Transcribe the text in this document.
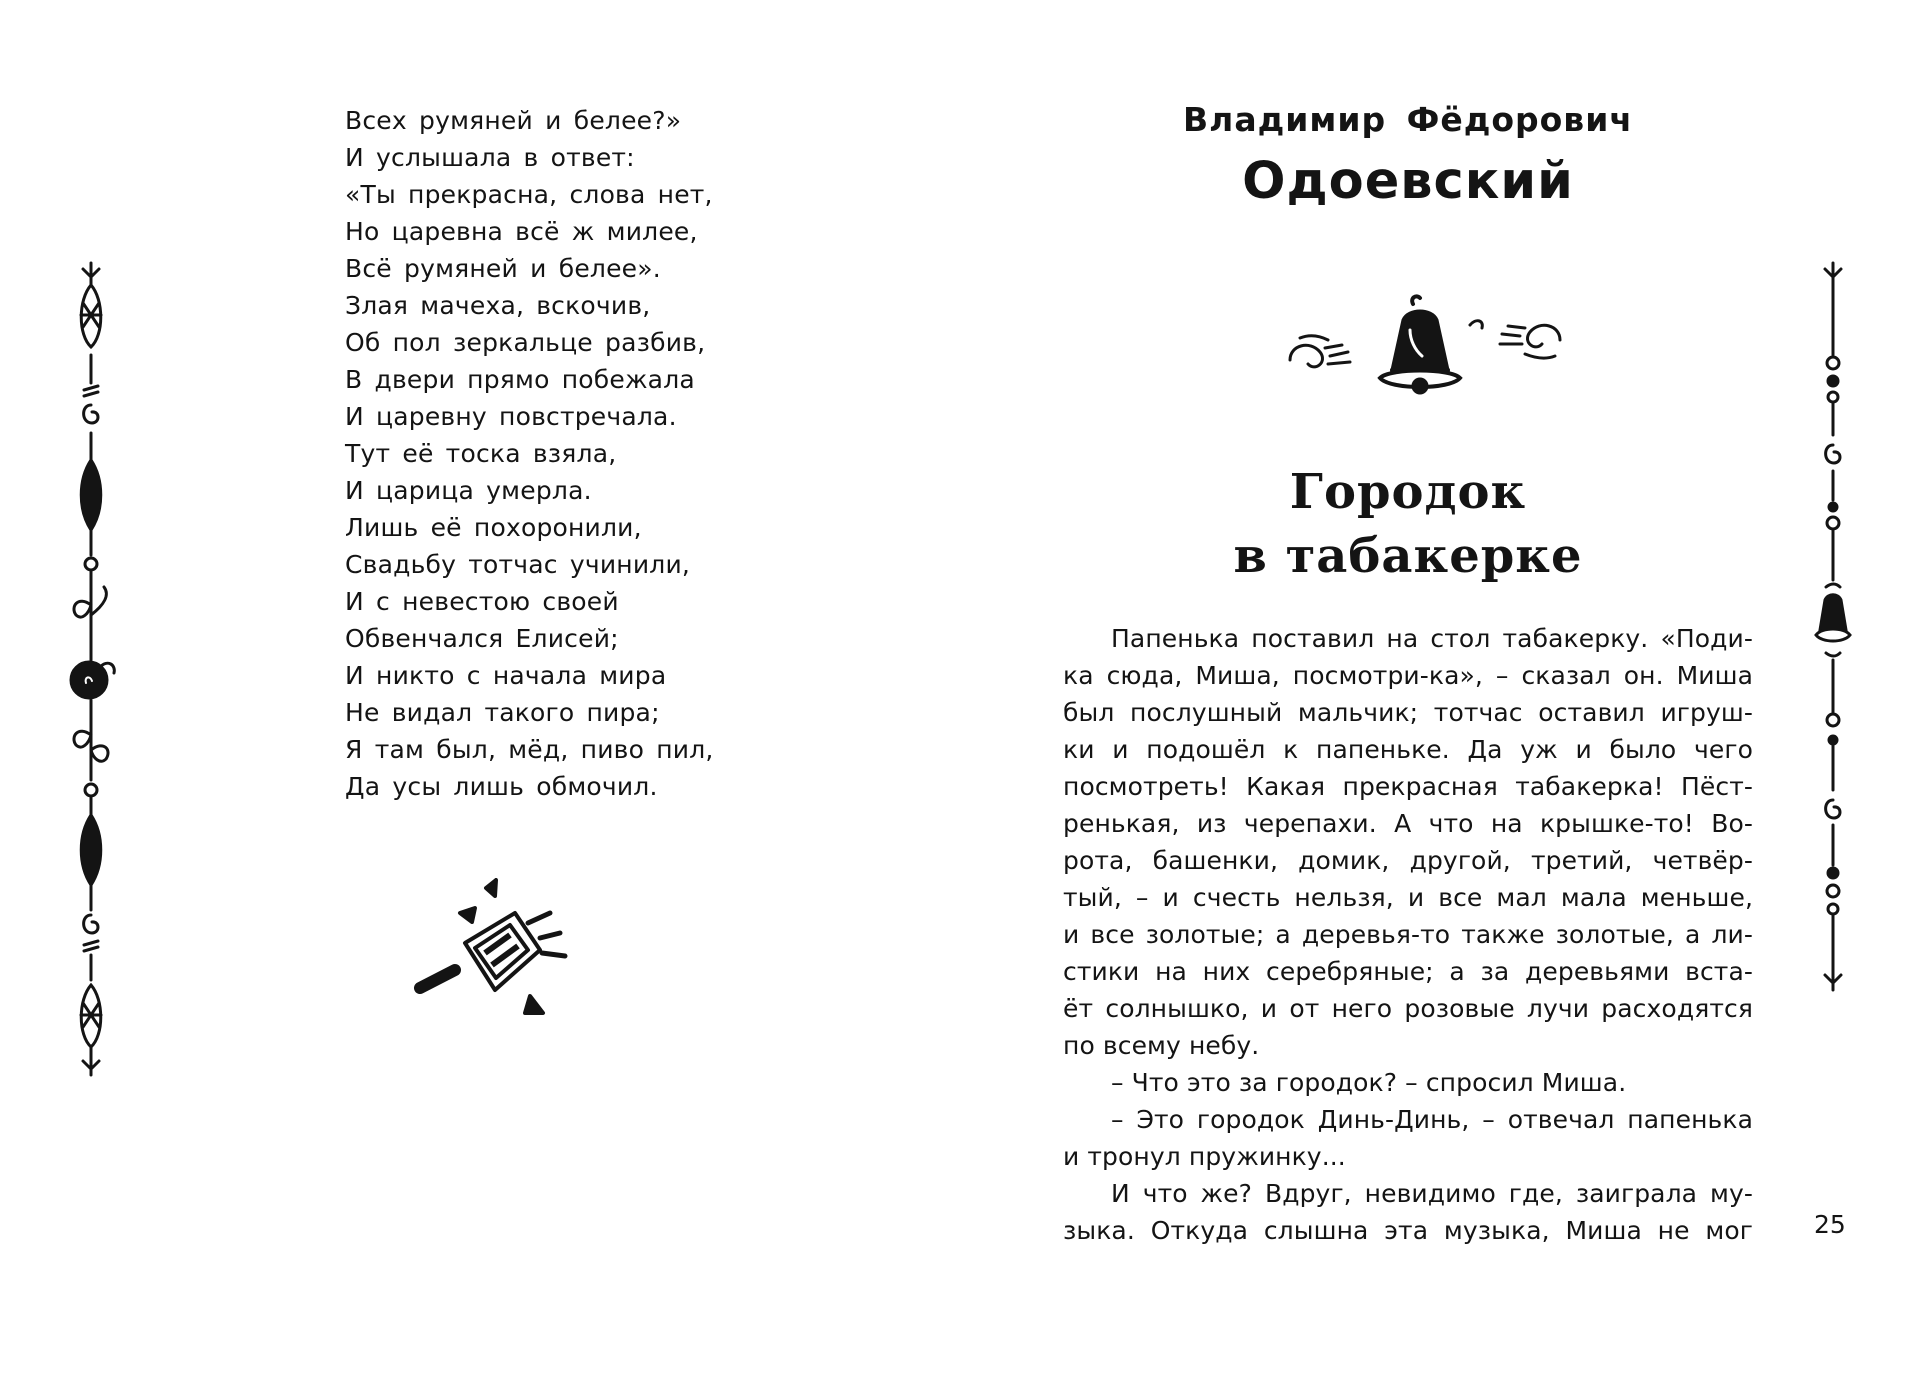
Всех румяней и белее?»
И услышала в ответ:
«Ты прекрасна, слова нет,
Но царевна всё ж милее,
Всё румяней и белее».
Злая мачеха, вскочив,
Об пол зеркальце разбив,
В двери прямо побежала
И царевну повстречала.
Тут её тоска взяла,
И царица умерла.
Лишь её похоронили,
Свадьбу тотчас учинили,
И с невестою своей
Обвенчался Елисей;
И никто с начала мира
Не видал такого пира;
Я там был, мёд, пиво пил,
Да усы лишь обмочил.
Владимир Фёдорович
Одоевский
Городок
в табакерке
Папенька поставил на стол табакерку. «Поди-
ка сюда, Миша, посмотри-ка», – сказал он. Миша
был послушный мальчик; тотчас оставил игруш-
ки и подошёл к папеньке. Да уж и было чего
посмотреть! Какая прекрасная табакерка! Пёст-
ренькая, из черепахи. А что на крышке-то! Во-
рота, башенки, домик, другой, третий, четвёр-
тый, – и счесть нельзя, и все мал мала меньше,
и все золотые; а деревья-то также золотые, а ли-
стики на них серебряные; а за деревьями вста-
ёт солнышко, и от него розовые лучи расходятся
по всему небу.
– Что это за городок? – спросил Миша.
– Это городок Динь-Динь, – отвечал папенька
и тронул пружинку...
И что же? Вдруг, невидимо где, заиграла му-
зыка. Откуда слышна эта музыка, Миша не мог 25
